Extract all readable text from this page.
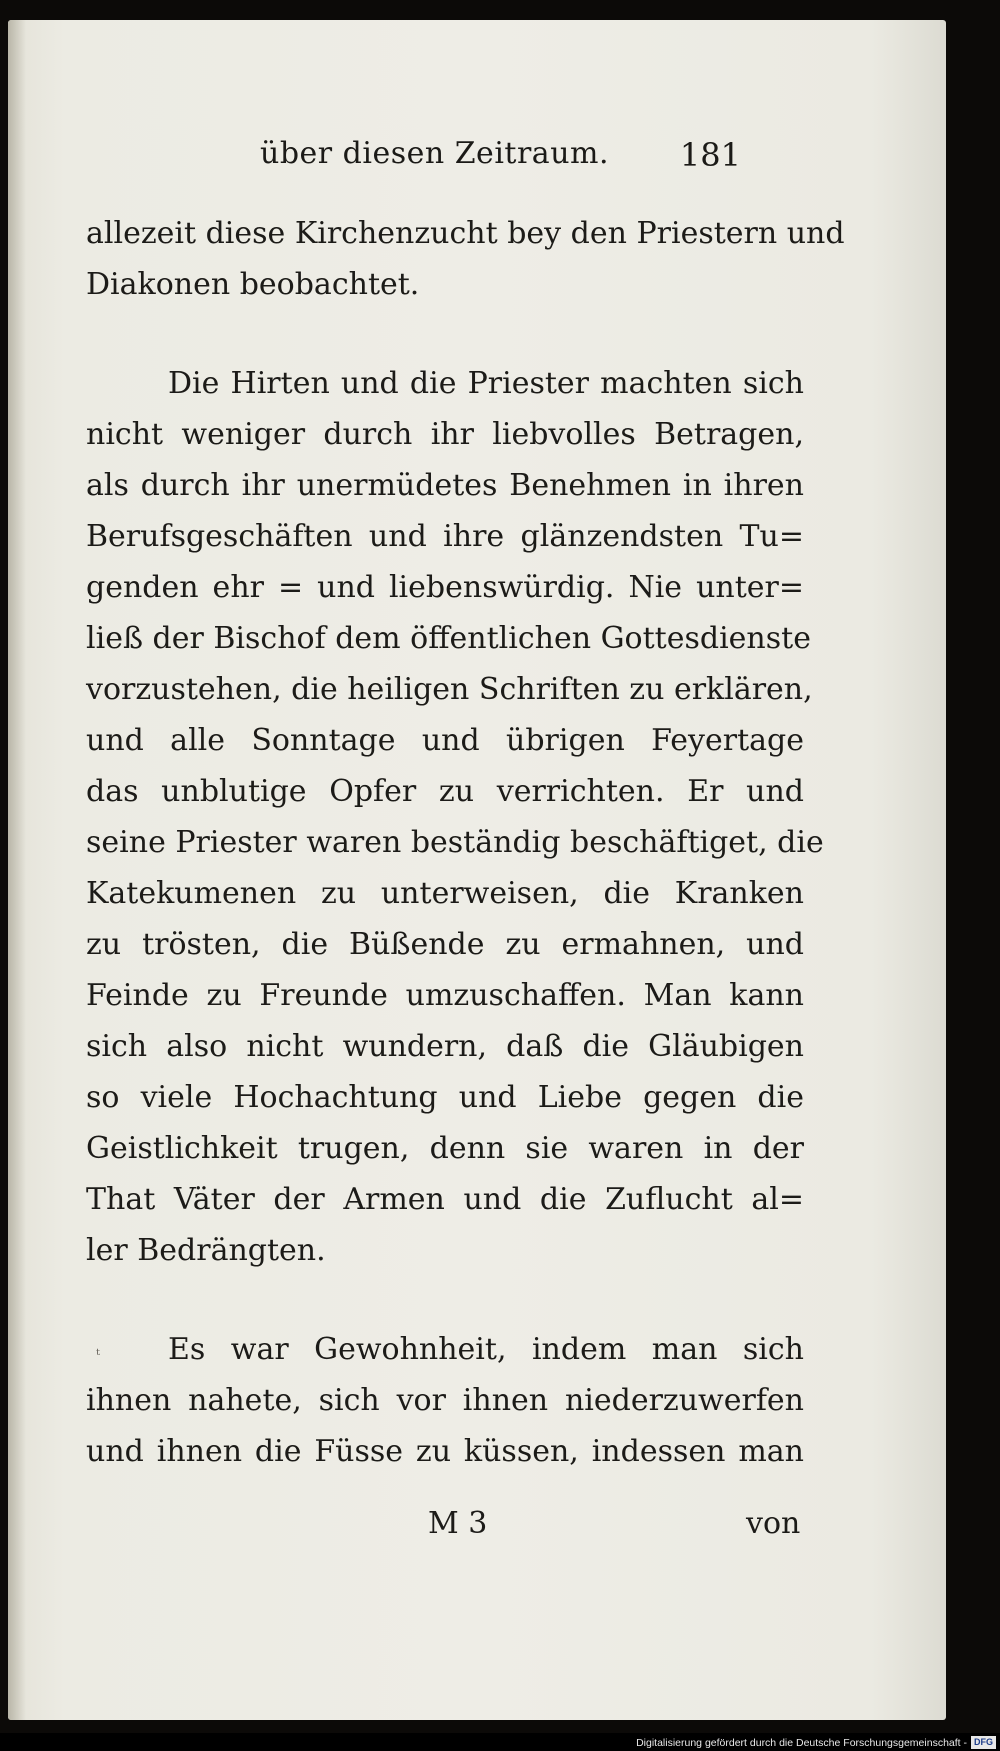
über diesen Zeitraum. 181
allezeit diese Kirchenzucht bey den Priestern und
Diakonen beobachtet.
Die Hirten und die Priester machten sich
nicht weniger durch ihr liebvolles Betragen,
als durch ihr unermüdetes Benehmen in ihren
Berufsgeschäften und ihre glänzendsten Tu=
genden ehr = und liebenswürdig. Nie unter=
ließ der Bischof dem öffentlichen Gottesdienste
vorzustehen, die heiligen Schriften zu erklären,
und alle Sonntage und übrigen Feyertage
das unblutige Opfer zu verrichten. Er und
seine Priester waren beständig beschäftiget, die
Katekumenen zu unterweisen, die Kranken
zu trösten, die Büßende zu ermahnen, und
Feinde zu Freunde umzuschaffen. Man kann
sich also nicht wundern, daß die Gläubigen
so viele Hochachtung und Liebe gegen die
Geistlichkeit trugen, denn sie waren in der
That Väter der Armen und die Zuflucht al=
ler Bedrängten.
Es war Gewohnheit, indem man sich
ihnen nahete, sich vor ihnen niederzuwerfen
und ihnen die Füsse zu küssen, indessen man
ᵗ
M 3	von
Digitalisierung gefördert durch die Deutsche Forschungsgemeinschaft - DFG
